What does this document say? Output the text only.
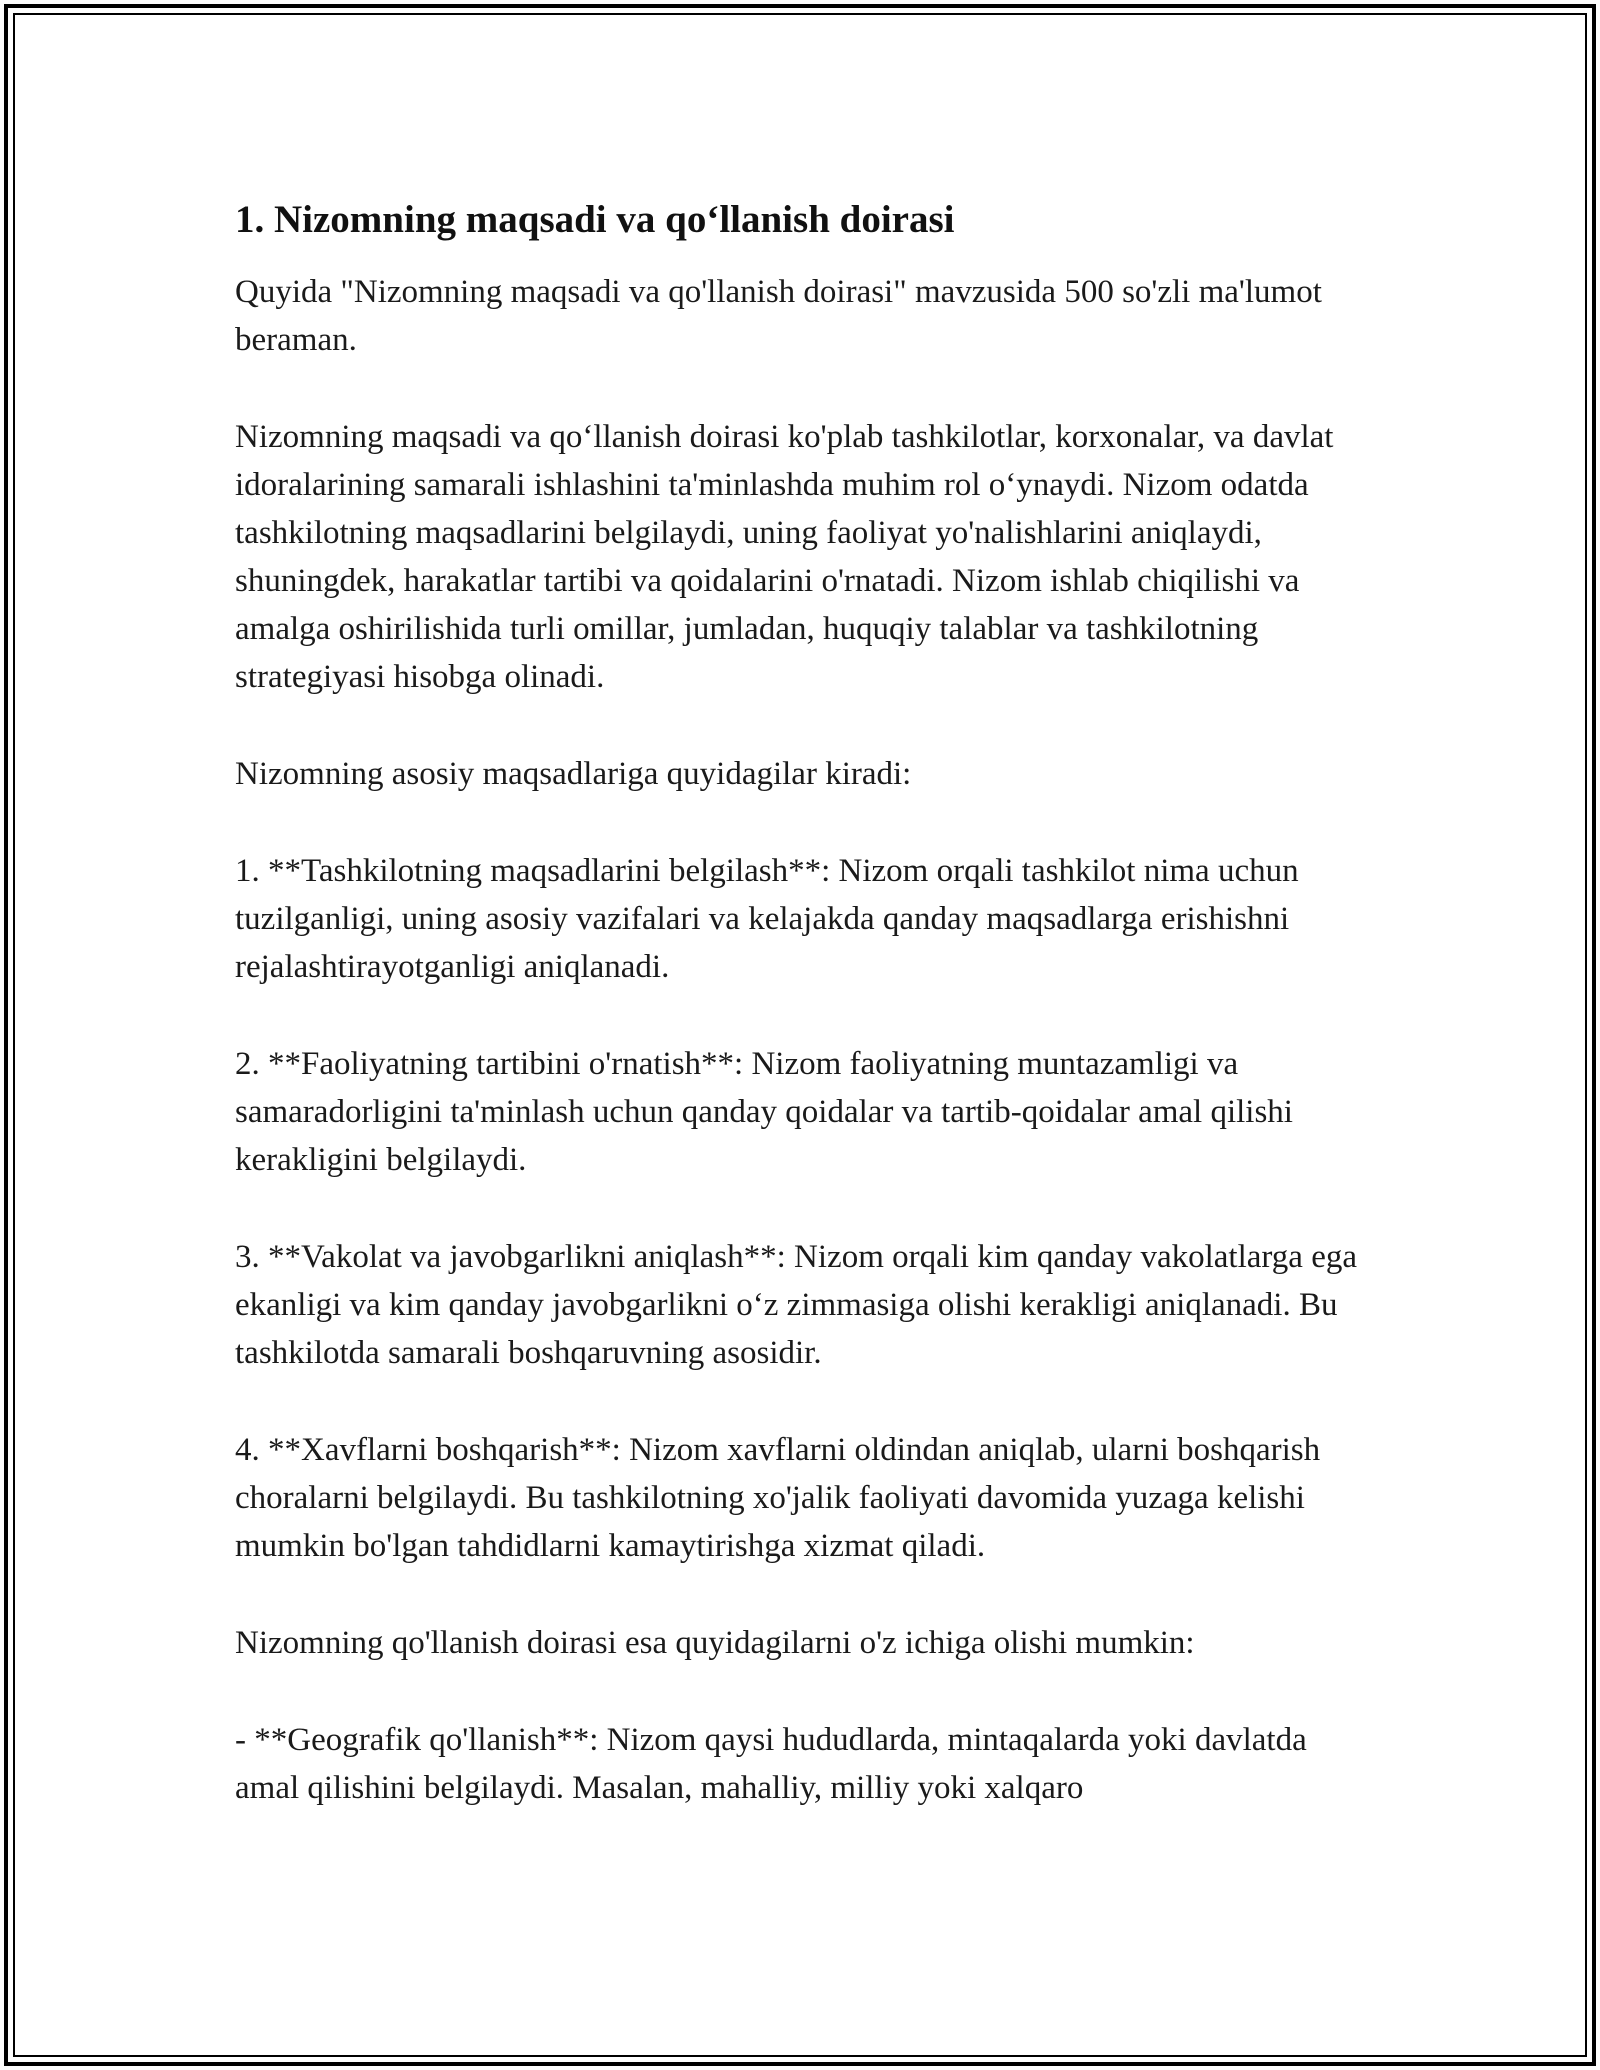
1. Nizomning maqsadi va qo‘llanish doirasi

Quyida "Nizomning maqsadi va qo'llanish doirasi" mavzusida 500 so'zli ma'lumot beraman.

Nizomning maqsadi va qo‘llanish doirasi ko'plab tashkilotlar, korxonalar, va davlat idoralarining samarali ishlashini ta'minlashda muhim rol o‘ynaydi. Nizom odatda tashkilotning maqsadlarini belgilaydi, uning faoliyat yo'nalishlarini aniqlaydi, shuningdek, harakatlar tartibi va qoidalarini o'rnatadi. Nizom ishlab chiqilishi va amalga oshirilishida turli omillar, jumladan, huquqiy talablar va tashkilotning strategiyasi hisobga olinadi.

Nizomning asosiy maqsadlariga quyidagilar kiradi:

1. **Tashkilotning maqsadlarini belgilash**: Nizom orqali tashkilot nima uchun tuzilganligi, uning asosiy vazifalari va kelajakda qanday maqsadlarga erishishni rejalashtirayotganligi aniqlanadi.

2. **Faoliyatning tartibini o'rnatish**: Nizom faoliyatning muntazamligi va samaradorligini ta'minlash uchun qanday qoidalar va tartib-qoidalar amal qilishi kerakligini belgilaydi.

3. **Vakolat va javobgarlikni aniqlash**: Nizom orqali kim qanday vakolatlarga ega ekanligi va kim qanday javobgarlikni o‘z zimmasiga olishi kerakligi aniqlanadi. Bu tashkilotda samarali boshqaruvning asosidir.

4. **Xavflarni boshqarish**: Nizom xavflarni oldindan aniqlab, ularni boshqarish choralarni belgilaydi. Bu tashkilotning xo'jalik faoliyati davomida yuzaga kelishi mumkin bo'lgan tahdidlarni kamaytirishga xizmat qiladi.

Nizomning qo'llanish doirasi esa quyidagilarni o'z ichiga olishi mumkin:

- **Geografik qo'llanish**: Nizom qaysi hududlarda, mintaqalarda yoki davlatda amal qilishini belgilaydi. Masalan, mahalliy, milliy yoki xalqaro
